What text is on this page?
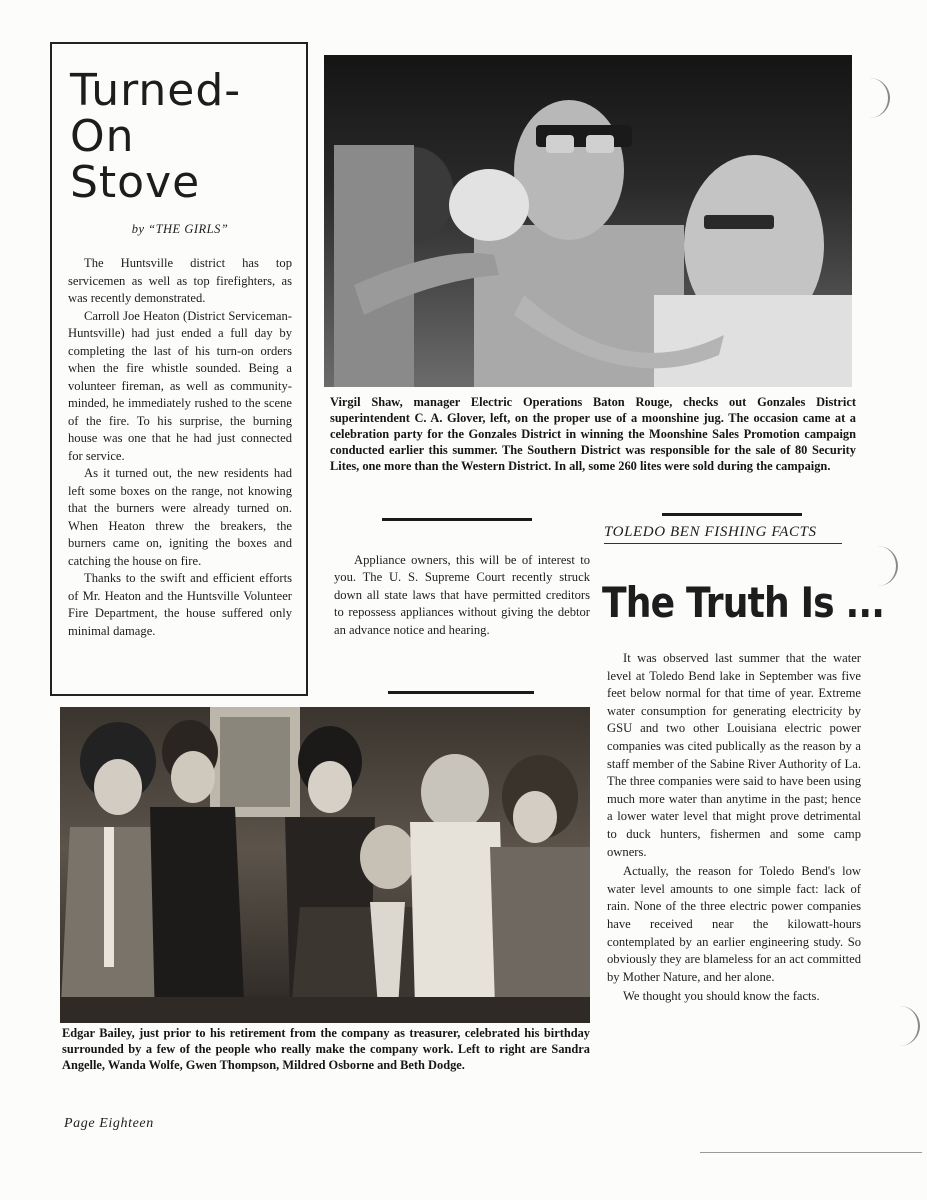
Turned-On
Stove
by “THE GIRLS”

The Huntsville district has top servicemen as well as top firefighters, as was recently demonstrated.

Carroll Joe Heaton (District Serviceman-Huntsville) had just ended a full day by completing the last of his turn-on orders when the fire whistle sounded. Being a volunteer fireman, as well as community-minded, he immediately rushed to the scene of the fire. To his surprise, the burning house was one that he had just connected for service.

As it turned out, the new residents had left some boxes on the range, not knowing that the burners were already turned on. When Heaton threw the breakers, the burners came on, igniting the boxes and catching the house on fire.

Thanks to the swift and efficient efforts of Mr. Heaton and the Huntsville Volunteer Fire Department, the house suffered only minimal damage.

Virgil Shaw, manager Electric Operations Baton Rouge, checks out Gonzales District superintendent C. A. Glover, left, on the proper use of a moonshine jug. The occasion came at a celebration party for the Gonzales District in winning the Moonshine Sales Promotion campaign conducted earlier this summer. The Southern District was responsible for the sale of 80 Security Lites, one more than the Western District. In all, some 260 lites were sold during the campaign.

Appliance owners, this will be of interest to you. The U. S. Supreme Court recently struck down all state laws that have permitted creditors to repossess appliances without giving the debtor an advance notice and hearing.

TOLEDO BEN FISHING FACTS
The Truth Is ...

It was observed last summer that the water level at Toledo Bend lake in September was five feet below normal for that time of year. Extreme water consumption for generating electricity by GSU and two other Louisiana electric power companies was cited publically as the reason by a staff member of the Sabine River Authority of La. The three companies were said to have been using much more water than anytime in the past; hence a lower water level that might prove detrimental to duck hunters, fishermen and some camp owners.

Actually, the reason for Toledo Bend's low water level amounts to one simple fact: lack of rain. None of the three electric power companies have received near the kilowatt-hours contemplated by an earlier engineering study. So obviously they are blameless for an act committed by Mother Nature, and her alone.

We thought you should know the facts.

Edgar Bailey, just prior to his retirement from the company as treasurer, celebrated his birthday surrounded by a few of the people who really make the company work. Left to right are Sandra Angelle, Wanda Wolfe, Gwen Thompson, Mildred Osborne and Beth Dodge.
Page Eighteen
